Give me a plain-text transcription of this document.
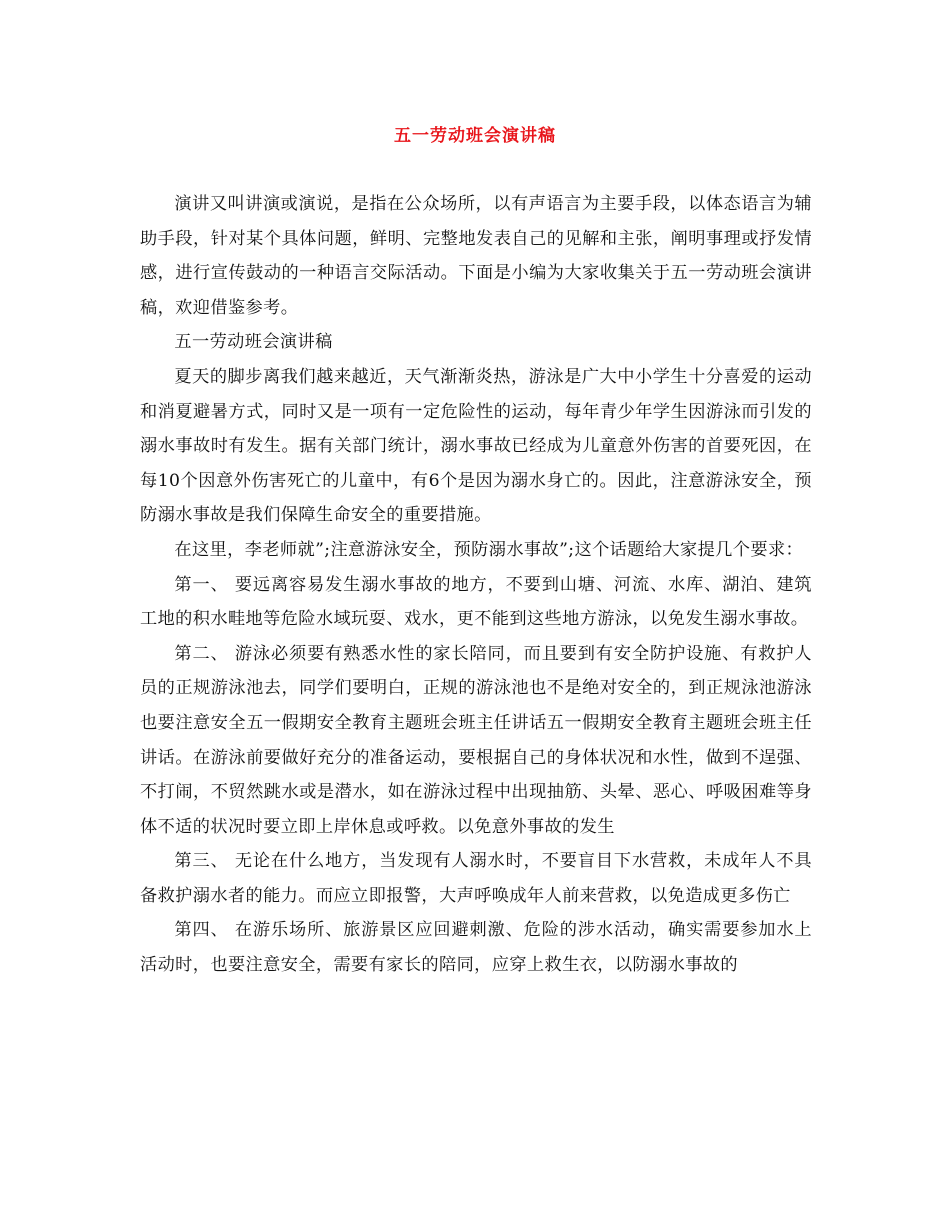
五一劳动班会演讲稿

演讲又叫讲演或演说，是指在公众场所，以有声语言为主要手段，以体态语言为辅助手段，针对某个具体问题，鲜明、完整地发表自己的见解和主张，阐明事理或抒发情感，进行宣传鼓动的一种语言交际活动。下面是小编为大家收集关于五一劳动班会演讲稿，欢迎借鉴参考。

五一劳动班会演讲稿

夏天的脚步离我们越来越近，天气渐渐炎热，游泳是广大中小学生十分喜爱的运动和消夏避暑方式，同时又是一项有一定危险性的运动，每年青少年学生因游泳而引发的溺水事故时有发生。据有关部门统计，溺水事故已经成为儿童意外伤害的首要死因，在每10个因意外伤害死亡的儿童中，有6个是因为溺水身亡的。因此，注意游泳安全，预防溺水事故是我们保障生命安全的重要措施。

在这里，李老师就”;注意游泳安全，预防溺水事故”;这个话题给大家提几个要求：

第一、 要远离容易发生溺水事故的地方，不要到山塘、河流、水库、湖泊、建筑工地的积水畦地等危险水域玩耍、戏水，更不能到这些地方游泳，以免发生溺水事故。

第二、 游泳必须要有熟悉水性的家长陪同，而且要到有安全防护设施、有救护人员的正规游泳池去，同学们要明白，正规的游泳池也不是绝对安全的，到正规泳池游泳也要注意安全五一假期安全教育主题班会班主任讲话五一假期安全教育主题班会班主任讲话。在游泳前要做好充分的准备运动，要根据自己的身体状况和水性，做到不逞强、不打闹，不贸然跳水或是潜水，如在游泳过程中出现抽筋、头晕、恶心、呼吸困难等身体不适的状况时要立即上岸休息或呼救。以免意外事故的发生

第三、 无论在什么地方，当发现有人溺水时，不要盲目下水营救，未成年人不具备救护溺水者的能力。而应立即报警，大声呼唤成年人前来营救，以免造成更多伤亡

第四、 在游乐场所、旅游景区应回避刺激、危险的涉水活动，确实需要参加水上活动时，也要注意安全，需要有家长的陪同，应穿上救生衣，以防溺水事故的
